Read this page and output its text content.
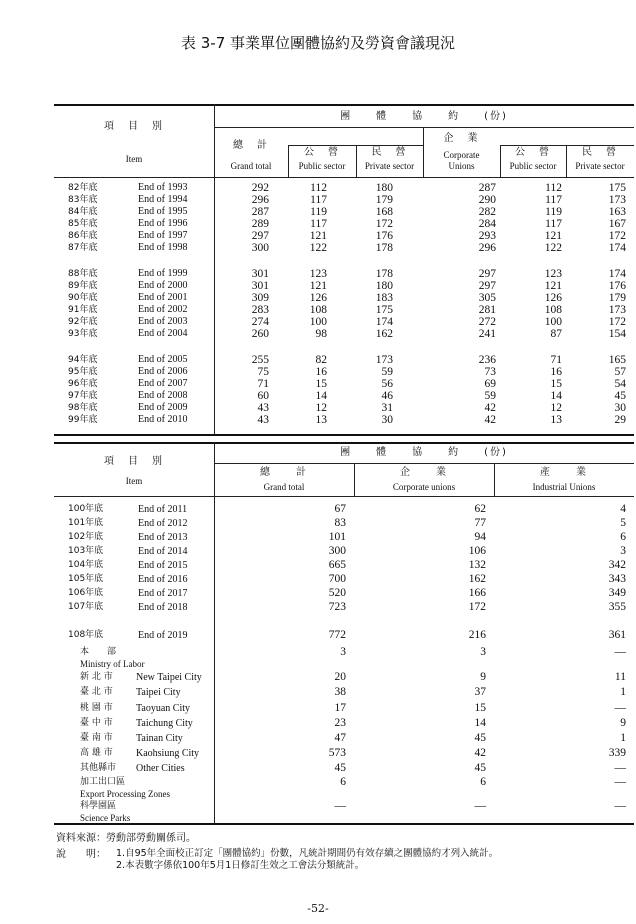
表 3-7 事業單位團體協約及勞資會議現況
項　目　別
Item
團　　體　　協　　約　　(份)
總　計
Grand total
公　營
Public sector
民　營
Private sector
企　業
Corporate
Unions
公　營
Public sector
民　營
Private sector
82年底	End of 1993	292	112	180	287	112	175
83年底	End of 1994	296	117	179	290	117	173
84年底	End of 1995	287	119	168	282	119	163
85年底	End of 1996	289	117	172	284	117	167
86年底	End of 1997	297	121	176	293	121	172
87年底	End of 1998	300	122	178	296	122	174
88年底	End of 1999	301	123	178	297	123	174
89年底	End of 2000	301	121	180	297	121	176
90年底	End of 2001	309	126	183	305	126	179
91年底	End of 2002	283	108	175	281	108	173
92年底	End of 2003	274	100	174	272	100	172
93年底	End of 2004	260	98	162	241	87	154
94年底	End of 2005	255	82	173	236	71	165
95年底	End of 2006	75	16	59	73	16	57
96年底	End of 2007	71	15	56	69	15	54
97年底	End of 2008	60	14	46	59	14	45
98年底	End of 2009	43	12	31	42	12	30
99年底	End of 2010	43	13	30	42	13	29
項　目　別
Item
團　　體　　協　　約　　(份)
總　　計
Grand total
企　　業
Corporate unions
產　　業
Industrial Unions
100年底	End of 2011	67	62	4
101年底	End of 2012	83	77	5
102年底	End of 2013	101	94	6
103年底	End of 2014	300	106	3
104年底	End of 2015	665	132	342
105年底	End of 2016	700	162	343
106年底	End of 2017	520	166	349
107年底	End of 2018	723	172	355
108年底	End of 2019	772	216	361
本　　部
Ministry of Labor
3	3	—
新 北 市 New Taipei City	20	9	11
臺 北 市 Taipei City	38	37	1
桃 園 市 Taoyuan City	17	15	—
臺 中 市 Taichung City	23	14	9
臺 南 市 Tainan City	47	45	1
高 雄 市 Kaohsiung City	573	42	339
其他縣市 Other Cities	45	45	—
加工出口區
Export Processing Zones
6	6	—
科學園區
Science Parks
—	—	—
資料來源：勞動部勞動關係司。
說　　明： 1.自95年全面校正訂定「團體協約」份數，凡統計期間仍有效存續之團體協約才列入統計。
2.本表數字係依100年5月1日修訂生效之工會法分類統計。
-52-
